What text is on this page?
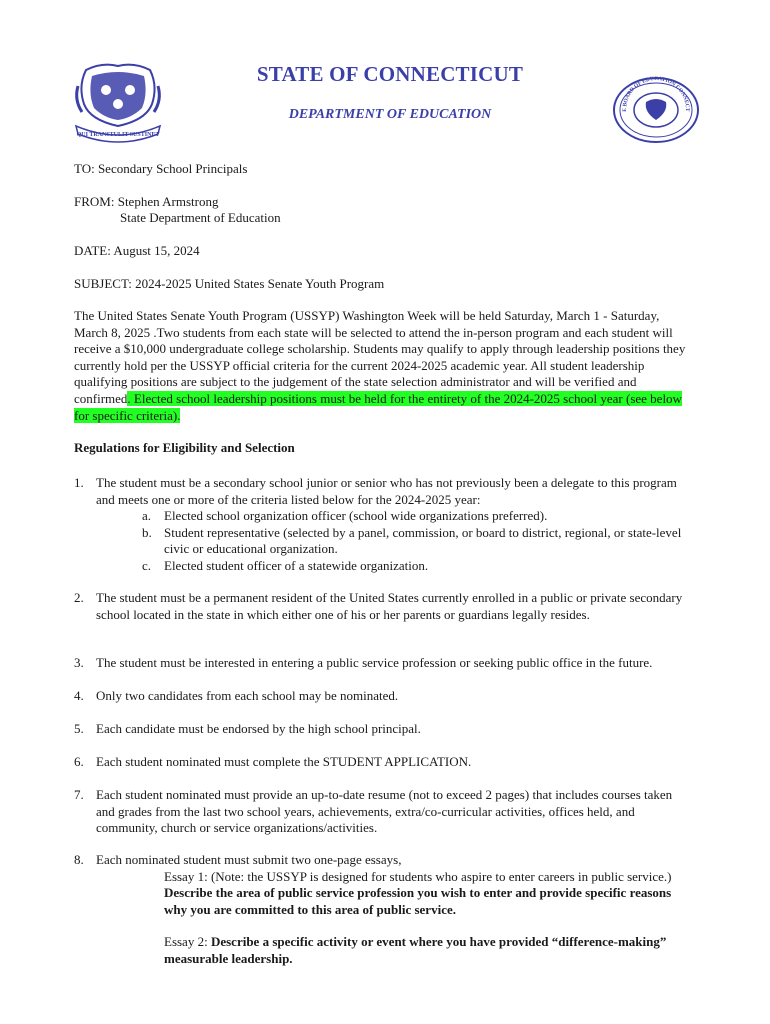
QUI TRANSTULIT SUSTINET
STATE OF CONNECTICUT
DEPARTMENT OF EDUCATION	E BOARD OF EDUCATION CONNECT
TO: Secondary School Principals
FROM: Stephen Armstrong
State Department of Education
DATE: August 15, 2024
SUBJECT: 2024-2025 United States Senate Youth Program
The United States Senate Youth Program (USSYP) Washington Week will be held Saturday, March 1 - Saturday, March 8, 2025 .Two students from each state will be selected to attend the in-person program and each student will receive a $10,000 undergraduate college scholarship. Students may qualify to apply through leadership positions they currently hold per the USSYP official criteria for the current 2024-2025 academic year. All student leadership qualifying positions are subject to the judgement of the state selection administrator and will be verified and confirmed. Elected school leadership positions must be held for the entirety of the 2024-2025 school year (see below for specific criteria).
Regulations for Eligibility and Selection
1. The student must be a secondary school junior or senior who has not previously been a delegate to this program and meets one or more of the criteria listed below for the 2024-2025 year:
a. Elected school organization officer (school wide organizations preferred).
b. Student representative (selected by a panel, commission, or board to district, regional, or state-level civic or educational organization.
c. Elected student officer of a statewide organization.
2. The student must be a permanent resident of the United States currently enrolled in a public or private secondary school located in the state in which either one of his or her parents or guardians legally resides.
3. The student must be interested in entering a public service profession or seeking public office in the future.
4. Only two candidates from each school may be nominated.
5. Each candidate must be endorsed by the high school principal.
6. Each student nominated must complete the STUDENT APPLICATION.
7. Each student nominated must provide an up-to-date resume (not to exceed 2 pages) that includes courses taken and grades from the last two school years, achievements, extra/co-curricular activities, offices held, and community, church or service organizations/activities.
8. Each nominated student must submit two one-page essays,
Essay 1: (Note: the USSYP is designed for students who aspire to enter careers in public service.) Describe the area of public service profession you wish to enter and provide specific reasons why you are committed to this area of public service.
Essay 2: Describe a specific activity or event where you have provided “difference-making” measurable leadership.
